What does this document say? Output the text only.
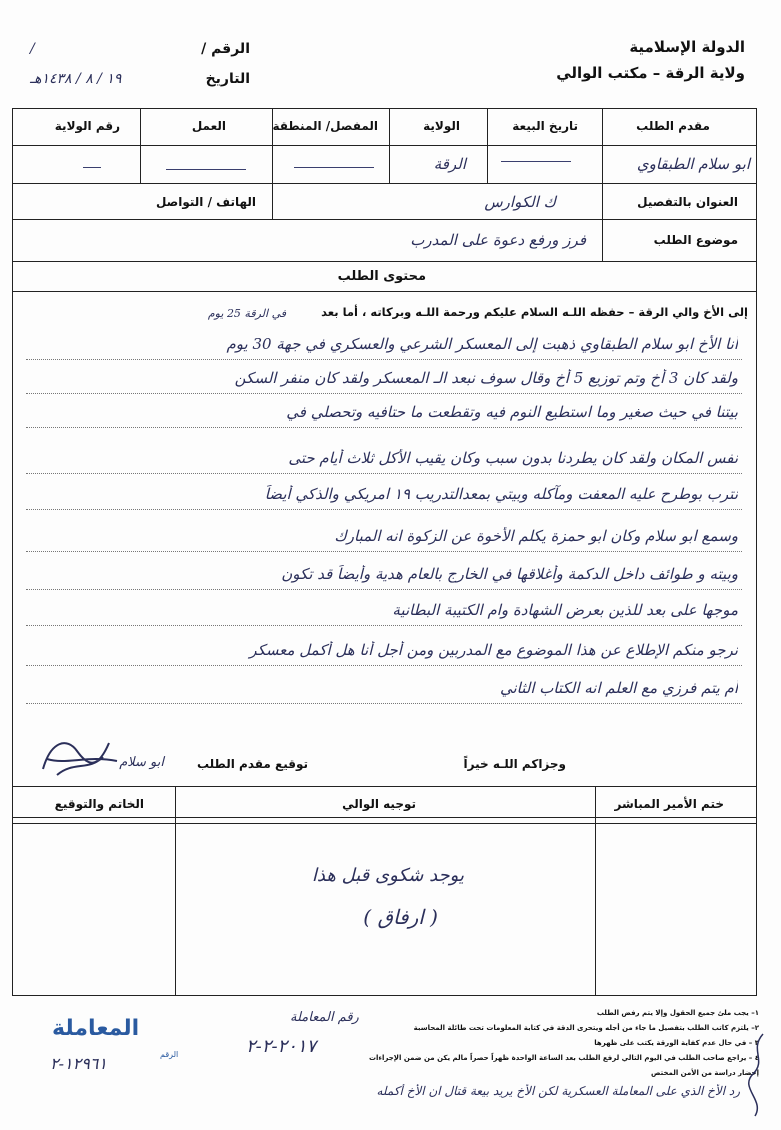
الدولة الإسلامية
ولاية الرقة – مكتب الوالي
الرقم /
/
التاريخ
١٩ / ٨ / ١٤٣٨هـ
مقدم الطلب
تاريخ البيعة
الولاية
المفصل/ المنطقة
العمل
رقم الولاية
ابو سلام الطبقاوي
الرقة
العنوان بالتفصيل
ك الكوارس
الهاتف / التواصل
موضوع الطلب
فرز ورفع دعوة على المدرب
محتوى الطلب
إلى الأخ والي الرقة – حفظه اللـه السلام عليكم ورحمة اللـه وبركاته ، أما بعد
في الرقة 25 يوم
أنا الأخ ابو سلام الطبقاوي ذهبت إلى المعسكر الشرعي والعسكري في جهة 30 يوم
ولقد كان 3 أخ وتم توزيع 5 أخ وقال سوف نبعد الـ المعسكر ولقد كان منفر السكن
بيتنا في حيث صغير وما استطيع النوم فيه وتقطعت ما حتافيه وتحصلي في
نفس المكان ولقد كان يطردنا بدون سبب وكان يقيب الأكل ثلاث أيام حتى
نترب بوطرح عليه المعفت ومآكله وبيتي بمعدالتدريب ١٩ امريكي والذكي أيضاً
وسمع ابو سلام وكان ابو حمزة يكلم الأخوة عن الزكوة انه المبارك
وبيته و طوائف داخل الدكمة وأغلاقها في الخارج بالعام هدية وأيضاً قد تكون
موجها على بعد للذين بعرض الشهادة وام الكتيبة البطانية
نرجو منكم الإطلاع عن هذا الموضوع مع المدربين ومن أجل أنا هل أكمل معسكر
أم يتم فرزي مع العلم انه الكتاب الثاني
وجزاكم اللـه خيراً
توقيع مقدم الطلب
ابو سلام
ختم الأمير المباشر
توجيه الوالي
الخاتم والتوقيع
يوجد شكوى قبل هذا
( ارفاق )
١– يجب ملئ جميع الحقول وإلا يتم رفض الطلب
٢– يلتزم كاتب الطلب بتفصيل ما جاء من أجله ويتحرى الدقة في كتابة المعلومات تحت طائلة المحاسبة
٣ – في حال عدم كفاية الورقة يكتب على ظهرها
٤ – يراجع صاحب الطلب في اليوم التالي لرفع الطلب بعد الساعة الواحدة ظهراً حصراً مالم يكن من ضمن الإجراءات إحضار دراسة من الأمن المختص
المعاملة
الرقم
١٢٩٦١-٢
رقم المعاملة
٢٠١٧-٢-٢
رد الأخ الذي على المعاملة العسكرية لكن الأخ يريد بيعة قتال ان الأخ أكمله
